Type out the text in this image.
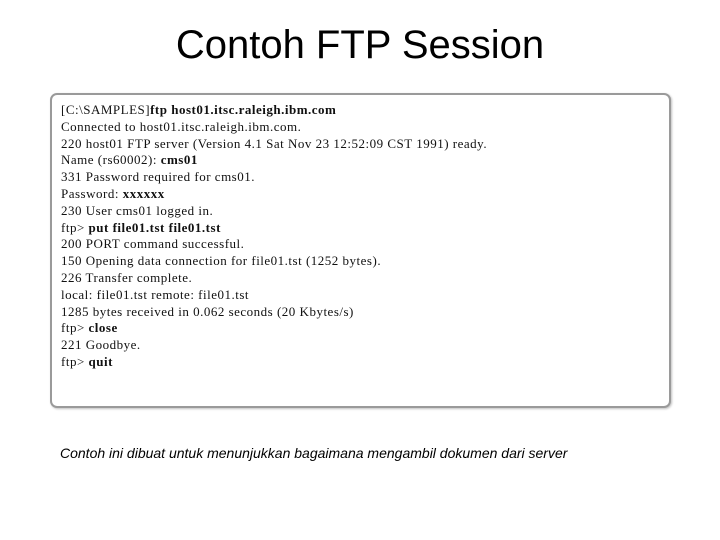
Contoh FTP Session
[C:\SAMPLES]ftp host01.itsc.raleigh.ibm.com
Connected to host01.itsc.raleigh.ibm.com.
220 host01 FTP server (Version 4.1 Sat Nov 23 12:52:09 CST 1991) ready.
Name (rs60002): cms01
331 Password required for cms01.
Password: xxxxxx
230 User cms01 logged in.
ftp> put file01.tst file01.tst
200 PORT command successful.
150 Opening data connection for file01.tst (1252 bytes).
226 Transfer complete.
local: file01.tst remote: file01.tst
1285 bytes received in 0.062 seconds (20 Kbytes/s)
ftp> close
221 Goodbye.
ftp> quit
Contoh ini dibuat untuk menunjukkan bagaimana mengambil dokumen dari server
